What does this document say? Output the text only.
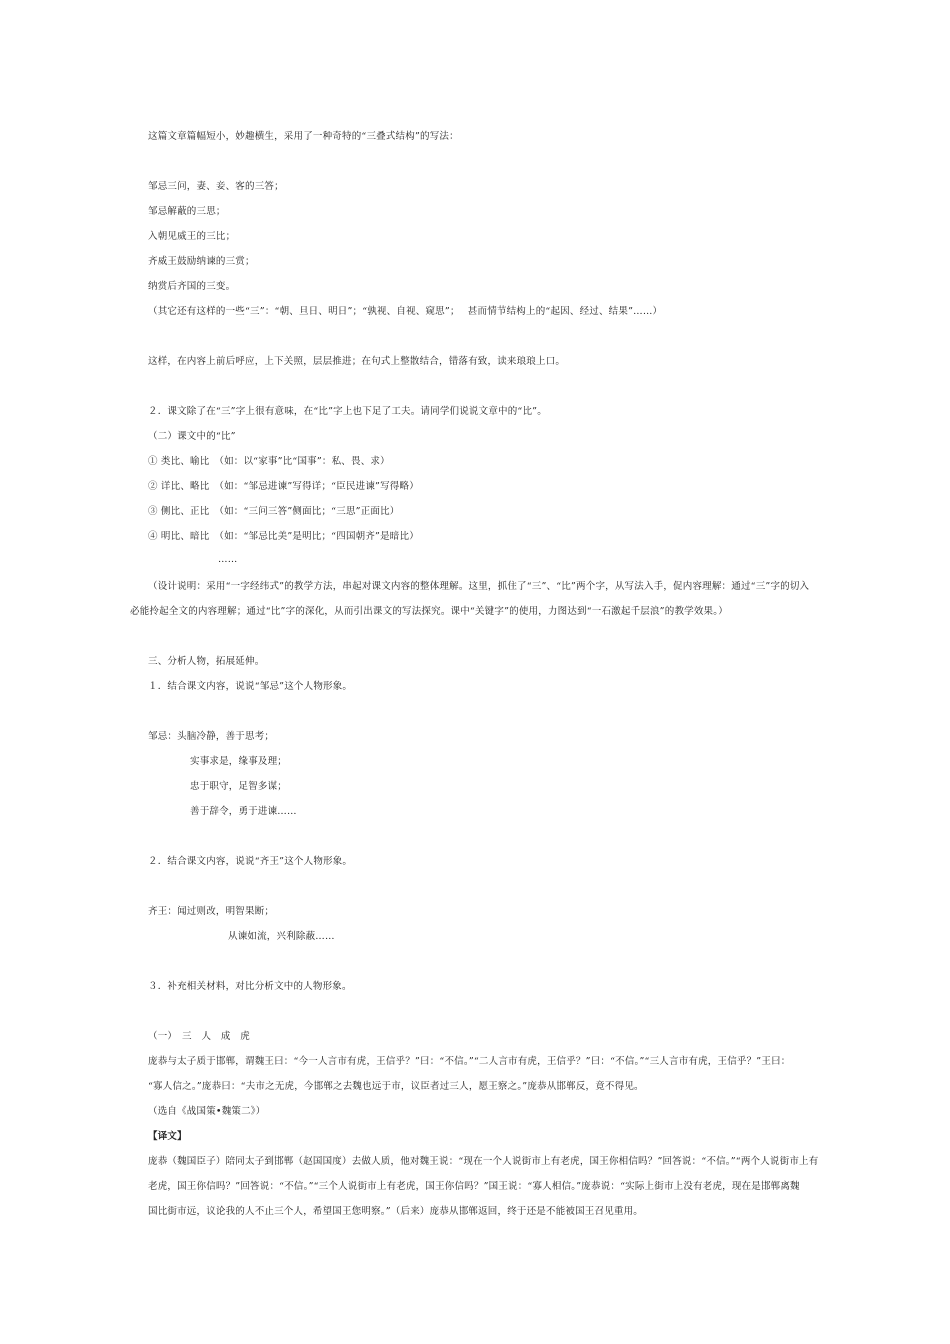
这篇文章篇幅短小，妙趣横生，采用了一种奇特的“三叠式结构”的写法：

邹忌三问，妻、妾、客的三答；

邹忌解蔽的三思；

入朝见威王的三比；

齐威王鼓励纳谏的三赏；

纳赏后齐国的三变。

（其它还有这样的一些“三”：“朝、旦日、明日”；“孰视、自视、窥思”；　 甚而情节结构上的“起因、经过、结果”……）

这样，在内容上前后呼应，上下关照，层层推进；在句式上整散结合，错落有致，读来琅琅上口。

２．课文除了在“三”字上很有意味，在“比”字上也下足了工夫。请同学们说说文章中的“比”。

（二）课文中的“比”

① 类比、喻比　（如：以“家事”比“国事”：私、畏、求）

② 详比、略比　（如：“邹忌进谏”写得详；“臣民进谏”写得略）

③ 侧比、正比　（如：“三问三答”侧面比；“三思”正面比）

④ 明比、暗比　（如：“邹忌比美”是明比；“四国朝齐”是暗比）

……

（设计说明：采用“一字经纬式”的教学方法，串起对课文内容的整体理解。这里，抓住了“三”、“比”两个字，从写法入手，促内容理解：通过“三”字的切入

必能拎起全文的内容理解；通过“比”字的深化，从而引出课文的写法探究。课中“关键字”的使用，力图达到“一石激起千层浪”的教学效果。）

三、分析人物，拓展延伸。

１．结合课文内容，说说“邹忌”这个人物形象。

邹忌：头脑冷静，善于思考；

实事求是，缘事及理；

忠于职守，足智多谋；

善于辞令，勇于进谏……

２．结合课文内容，说说“齐王”这个人物形象。

齐王：闻过则改，明智果断；

从谏如流，兴利除蔽……

３．补充相关材料，对比分析文中的人物形象。

（一）　三　人　成　虎

庞恭与太子质于邯郸，谓魏王曰：“今一人言市有虎，王信乎？”曰：“不信。”“二人言市有虎，王信乎？”曰：“不信。”“三人言市有虎，王信乎？”王曰：

“寡人信之。”庞恭曰：“夫市之无虎，今邯郸之去魏也远于市，议臣者过三人，愿王察之。”庞恭从邯郸反，竟不得见。

（选自《战国策•魏策二》）

【译文】

庞恭（魏国臣子）陪同太子到邯郸（赵国国度）去做人质，他对魏王说：“现在一个人说街市上有老虎，国王你相信吗？”回答说：“不信。”“两个人说街市上有

老虎，国王你信吗？”回答说：“不信。”“三个人说街市上有老虎，国王你信吗？”国王说：“寡人相信。”庞恭说：“实际上街市上没有老虎，现在是邯郸离魏

国比街市远，议论我的人不止三个人，希望国王您明察。”（后来）庞恭从邯郸返回，终于还是不能被国王召见重用。
